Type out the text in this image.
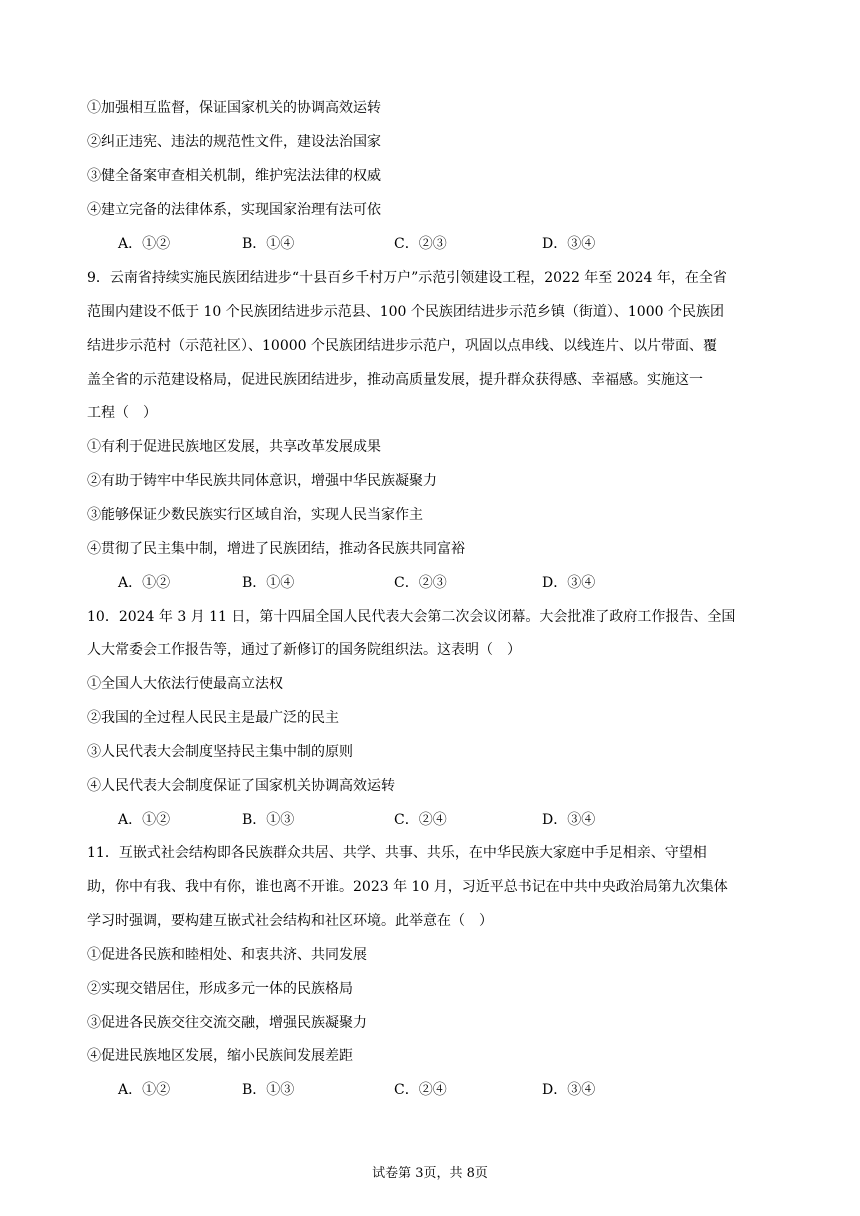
①加强相互监督，保证国家机关的协调高效运转
②纠正违宪、违法的规范性文件，建设法治国家
③健全备案审查相关机制，维护宪法法律的权威
④建立完备的法律体系，实现国家治理有法可依
A．①②	B．①④	C．②③	D．③④
9．云南省持续实施民族团结进步“十县百乡千村万户”示范引领建设工程，2022 年至 2024 年，在全省
范围内建设不低于 10 个民族团结进步示范县、100 个民族团结进步示范乡镇（街道）、1000 个民族团
结进步示范村（示范社区）、10000 个民族团结进步示范户，巩固以点串线、以线连片、以片带面、覆
盖全省的示范建设格局，促进民族团结进步，推动高质量发展，提升群众获得感、幸福感。实施这一
工程（　）
①有利于促进民族地区发展，共享改革发展成果
②有助于铸牢中华民族共同体意识，增强中华民族凝聚力
③能够保证少数民族实行区域自治，实现人民当家作主
④贯彻了民主集中制，增进了民族团结，推动各民族共同富裕
A．①②	B．①④	C．②③	D．③④
10．2024 年 3 月 11 日，第十四届全国人民代表大会第二次会议闭幕。大会批准了政府工作报告、全国
人大常委会工作报告等，通过了新修订的国务院组织法。这表明（　）
①全国人大依法行使最高立法权
②我国的全过程人民民主是最广泛的民主
③人民代表大会制度坚持民主集中制的原则
④人民代表大会制度保证了国家机关协调高效运转
A．①②	B．①③	C．②④	D．③④
11．互嵌式社会结构即各民族群众共居、共学、共事、共乐，在中华民族大家庭中手足相亲、守望相
助，你中有我、我中有你，谁也离不开谁。2023 年 10 月，习近平总书记在中共中央政治局第九次集体
学习时强调，要构建互嵌式社会结构和社区环境。此举意在（　）
①促进各民族和睦相处、和衷共济、共同发展
②实现交错居住，形成多元一体的民族格局
③促进各民族交往交流交融，增强民族凝聚力
④促进民族地区发展，缩小民族间发展差距
A．①②	B．①③	C．②④	D．③④
试卷第 3页，共 8页
